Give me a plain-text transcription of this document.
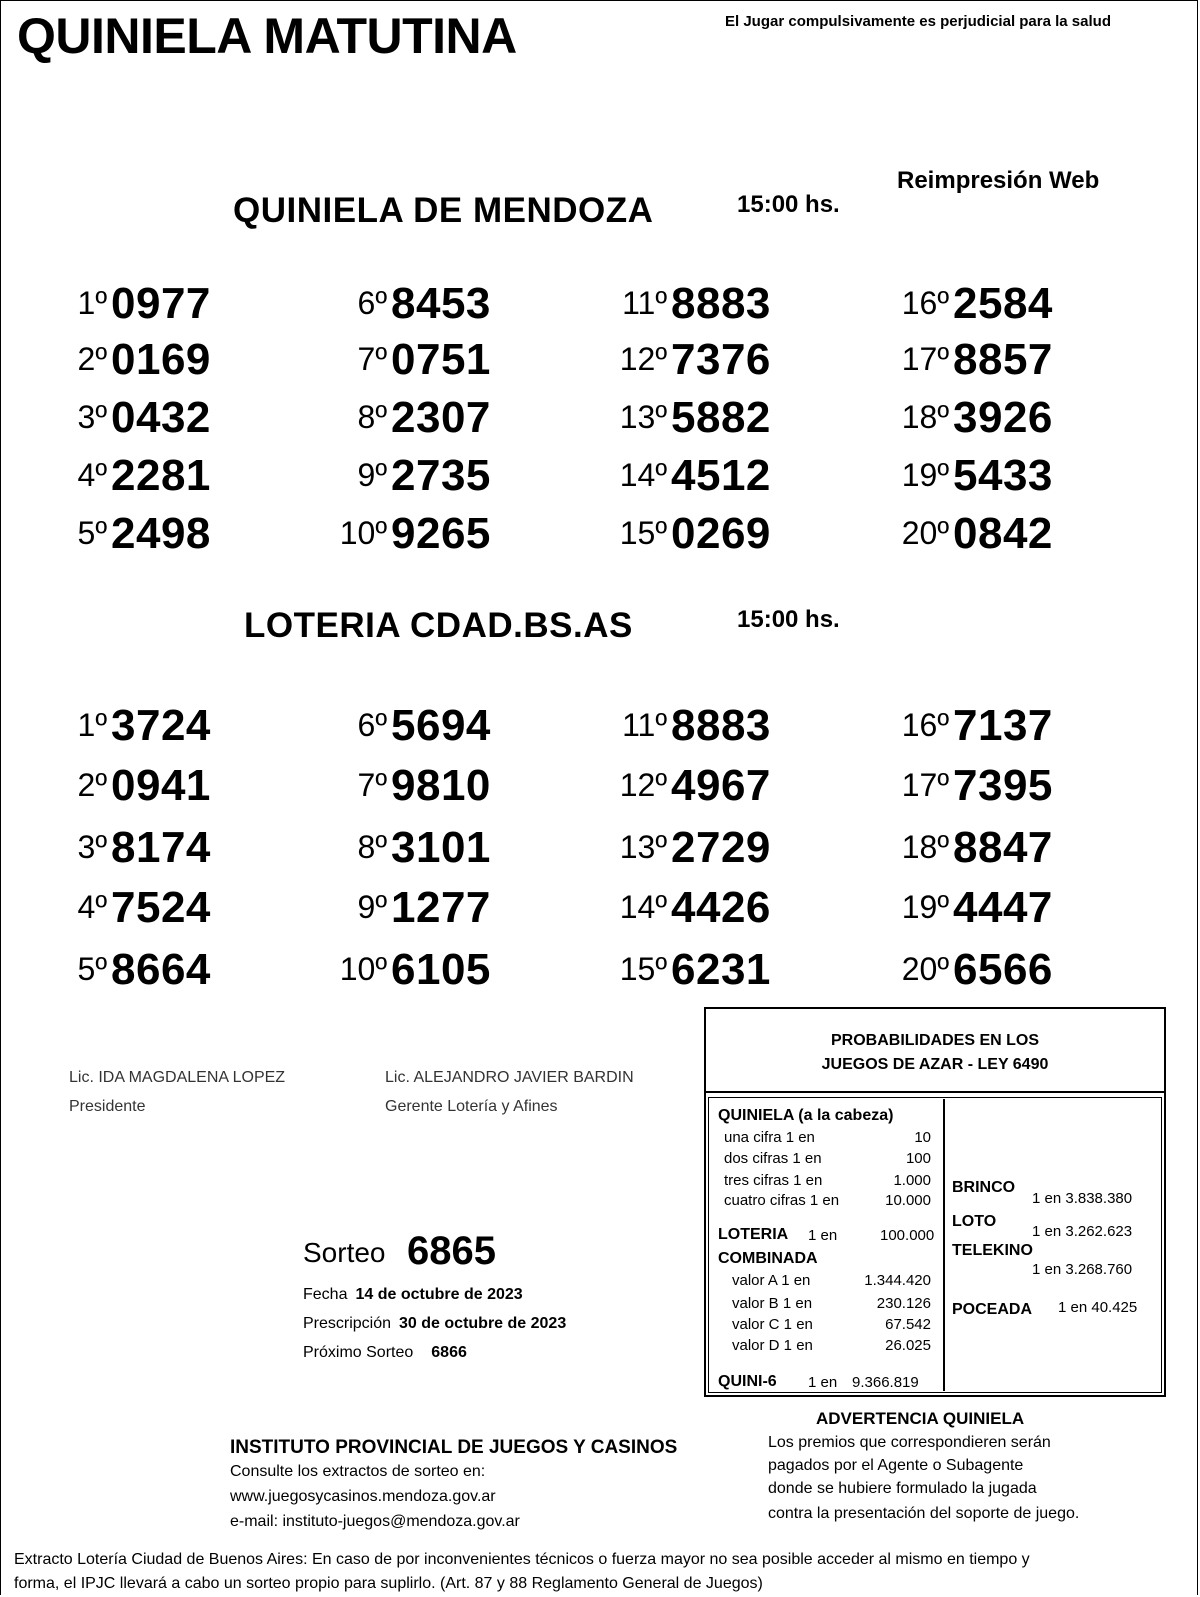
QUINIELA MATUTINA	El Jugar compulsivamente es perjudicial para la salud
Reimpresión Web
QUINIELA DE MENDOZA	15:00 hs.
1º 0977
2º 0169
3º 0432
4º 2281
5º 2498
6º 8453
7º 0751
8º 2307
9º 2735
10º 9265
11º 8883
12º 7376
13º 5882
14º 4512
15º 0269
16º 2584
17º 8857
18º 3926
19º 5433
20º 0842
LOTERIA CDAD.BS.AS	15:00 hs.
1º 3724
2º 0941
3º 8174
4º 7524
5º 8664
6º 5694
7º 9810
8º 3101
9º 1277
10º 6105
11º 8883
12º 4967
13º 2729
14º 4426
15º 6231
16º 7137
17º 7395
18º 8847
19º 4447
20º 6566
Lic. IDA MAGDALENA LOPEZ
Presidente
Lic. ALEJANDRO JAVIER BARDIN
Gerente Lotería y Afines
Sorteo 6865
Fecha 14 de octubre de 2023
Prescripción 30 de octubre de 2023
Próximo Sorteo 6866
PROBABILIDADES EN LOS
JUEGOS DE AZAR - LEY 6490
QUINIELA (a la cabeza)
una cifra 1 en	10
dos cifras 1 en	100
tres cifras 1 en	1.000
cuatro cifras 1 en	10.000
LOTERIA 1 en	100.000
COMBINADA
valor A 1 en	1.344.420
valor B 1 en	230.126
valor C 1 en	67.542
valor D 1 en	26.025
QUINI-6 1 en 9.366.819
BRINCO
1 en 3.838.380
LOTO
1 en 3.262.623
TELEKINO
1 en 3.268.760
POCEADA 1 en 40.425
INSTITUTO PROVINCIAL DE JUEGOS Y CASINOS
Consulte los extractos de sorteo en:
www.juegosycasinos.mendoza.gov.ar
e-mail: instituto-juegos@mendoza.gov.ar
ADVERTENCIA QUINIELA
Los premios que correspondieren serán
pagados por el Agente o Subagente
donde se hubiere formulado la jugada
contra la presentación del soporte de juego.
Extracto Lotería Ciudad de Buenos Aires: En caso de por inconvenientes técnicos o fuerza mayor no sea posible acceder al mismo en tiempo y
forma, el IPJC llevará a cabo un sorteo propio para suplirlo. (Art. 87 y 88 Reglamento General de Juegos)
